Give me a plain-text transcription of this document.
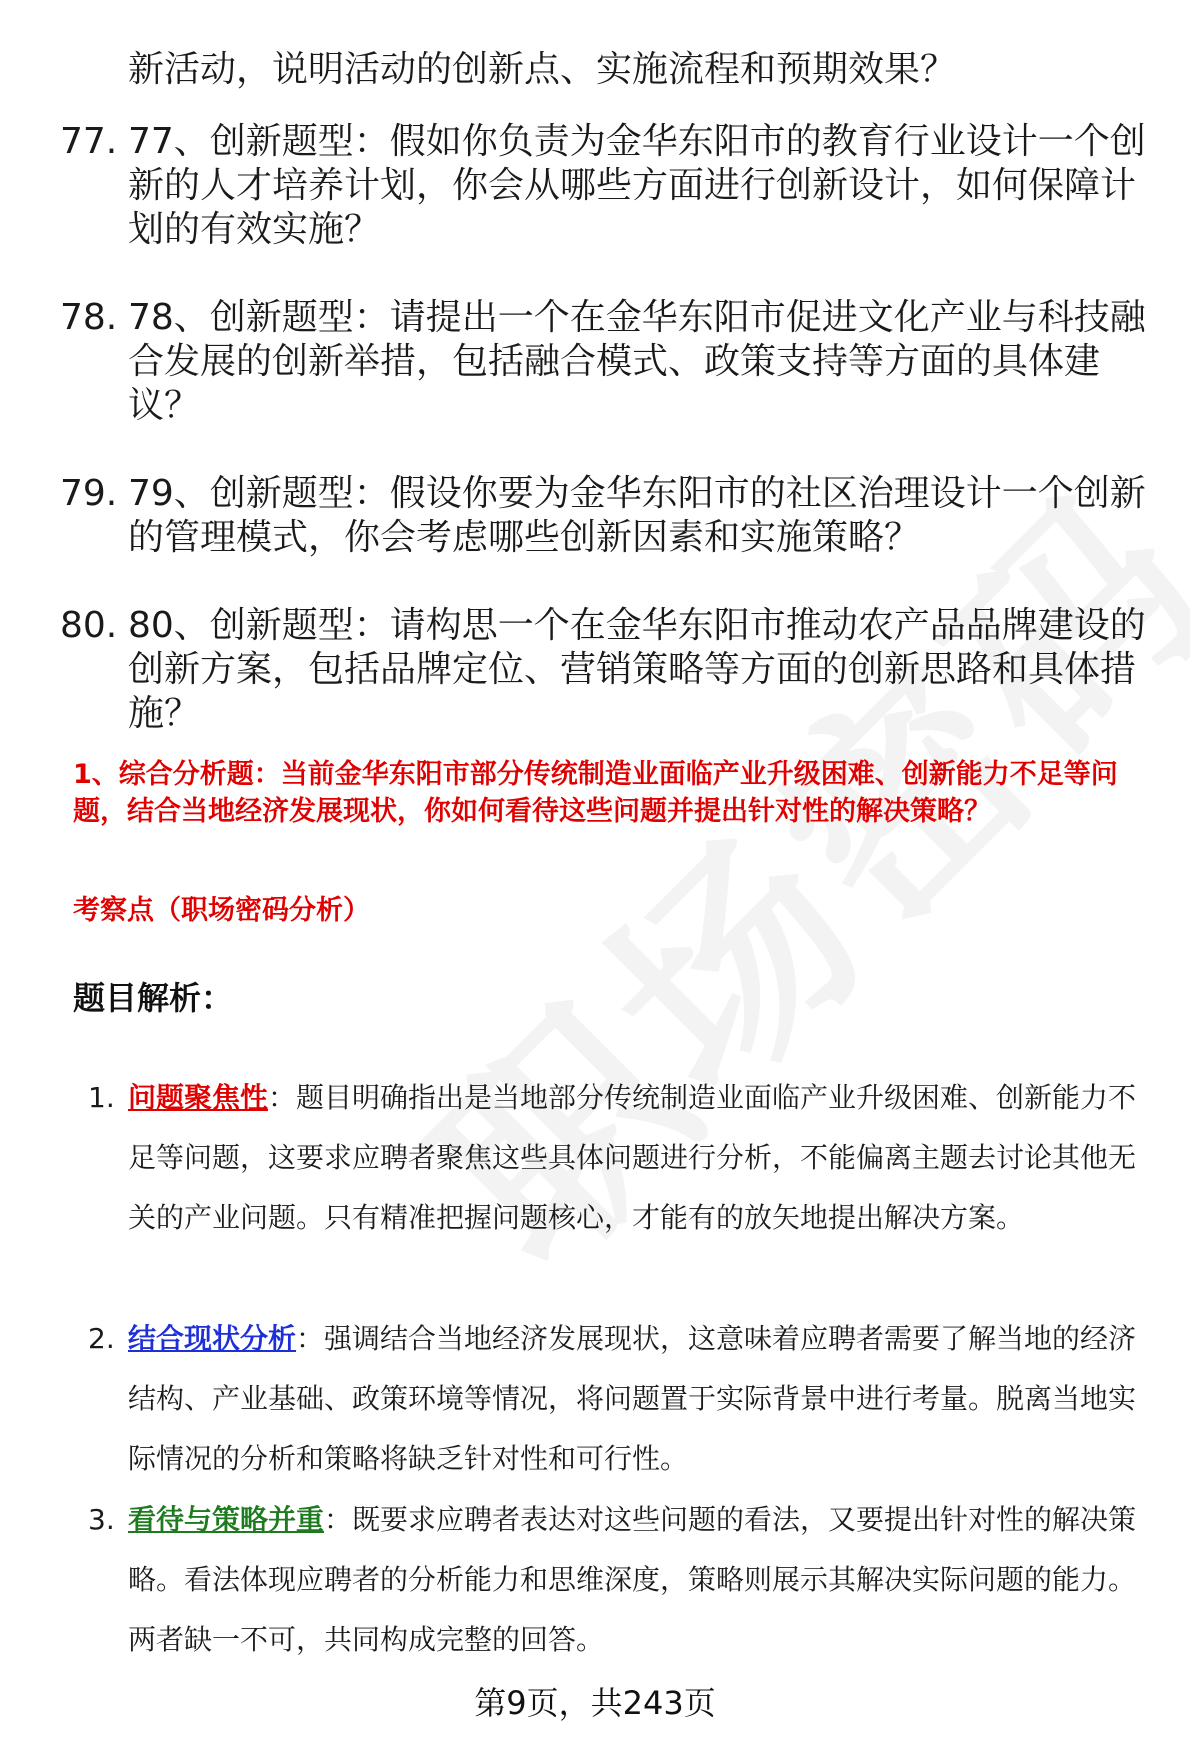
新活动，说明活动的创新点、实施流程和预期效果？
77. 77、创新题型：假如你负责为金华东阳市的教育行业设计一个创新的人才培养计划，你会从哪些方面进行创新设计，如何保障计划的有效实施？
78. 78、创新题型：请提出一个在金华东阳市促进文化产业与科技融合发展的创新举措，包括融合模式、政策支持等方面的具体建议？
79. 79、创新题型：假设你要为金华东阳市的社区治理设计一个创新的管理模式，你会考虑哪些创新因素和实施策略？
80. 80、创新题型：请构思一个在金华东阳市推动农产品品牌建设的创新方案，包括品牌定位、营销策略等方面的创新思路和具体措施？
1、综合分析题：当前金华东阳市部分传统制造业面临产业升级困难、创新能力不足等问题，结合当地经济发展现状，你如何看待这些问题并提出针对性的解决策略？
考察点（职场密码分析）
题目解析：
1. 问题聚焦性：题目明确指出是当地部分传统制造业面临产业升级困难、创新能力不足等问题，这要求应聘者聚焦这些具体问题进行分析，不能偏离主题去讨论其他无关的产业问题。只有精准把握问题核心，才能有的放矢地提出解决方案。
2. 结合现状分析：强调结合当地经济发展现状，这意味着应聘者需要了解当地的经济结构、产业基础、政策环境等情况，将问题置于实际背景中进行考量。脱离当地实际情况的分析和策略将缺乏针对性和可行性。
3. 看待与策略并重：既要求应聘者表达对这些问题的看法，又要提出针对性的解决策略。看法体现应聘者的分析能力和思维深度，策略则展示其解决实际问题的能力。两者缺一不可，共同构成完整的回答。
第9页，共243页
